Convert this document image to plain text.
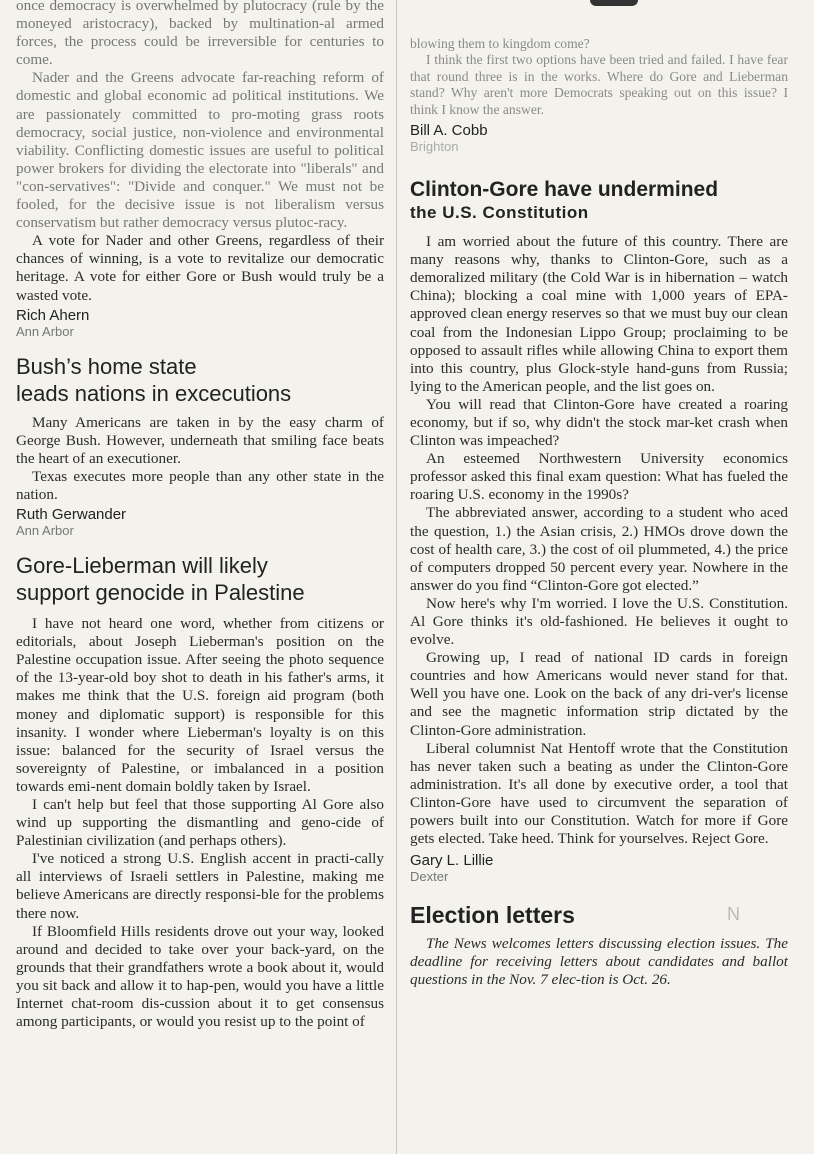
once democracy is overwhelmed by plutocracy (rule by the moneyed aristocracy), backed by multination-al armed forces, the process could be irreversible for centuries to come.

Nader and the Greens advocate far-reaching reform of domestic and global economic ad political institutions. We are passionately committed to pro-moting grass roots democracy, social justice, non-violence and environmental viability. Conflicting domestic issues are useful to political power brokers for dividing the electorate into "liberals" and "con-servatives": "Divide and conquer." We must not be fooled, for the decisive issue is not liberalism versus conservatism but rather democracy versus plutoc-racy.

A vote for Nader and other Greens, regardless of their chances of winning, is a vote to revitalize our democratic heritage. A vote for either Gore or Bush would truly be a wasted vote.

Rich Ahern
Ann Arbor
Bush’s home state
leads nations in excecutions

Many Americans are taken in by the easy charm of George Bush. However, underneath that smiling face beats the heart of an executioner.

Texas executes more people than any other state in the nation.

Ruth Gerwander
Ann Arbor
Gore-Lieberman will likely
support genocide in Palestine

I have not heard one word, whether from citizens or editorials, about Joseph Lieberman's position on the Palestine occupation issue. After seeing the photo sequence of the 13-year-old boy shot to death in his father's arms, it makes me think that the U.S. foreign aid program (both money and diplomatic support) is responsible for this insanity. I wonder where Lieberman's loyalty is on this issue: balanced for the security of Israel versus the sovereignty of Palestine, or imbalanced in a position towards emi-nent domain boldly taken by Israel.

I can't help but feel that those supporting Al Gore also wind up supporting the dismantling and geno-cide of Palestinian civilization (and perhaps others).

I've noticed a strong U.S. English accent in practi-cally all interviews of Israeli settlers in Palestine, making me believe Americans are directly responsi-ble for the problems there now.

If Bloomfield Hills residents drove out your way, looked around and decided to take over your back-yard, on the grounds that their grandfathers wrote a book about it, would you sit back and allow it to hap-pen, would you have a little Internet chat-room dis-cussion about it to get consensus among participants, or would you resist up to the point of

blowing them to kingdom come?

I think the first two options have been tried and failed. I have fear that round three is in the works. Where do Gore and Lieberman stand? Why aren't more Democrats speaking out on this issue? I think I know the answer.

Bill A. Cobb
Brighton
Clinton-Gore have undermined
the U.S. Constitution

I am worried about the future of this country. There are many reasons why, thanks to Clinton-Gore, such as a demoralized military (the Cold War is in hibernation – watch China); blocking a coal mine with 1,000 years of EPA-approved clean energy reserves so that we must buy our clean coal from the Indonesian Lippo Group; proclaiming to be opposed to assault rifles while allowing China to export them into this country, plus Glock-style hand-guns from Russia; lying to the American people, and the list goes on.

You will read that Clinton-Gore have created a roaring economy, but if so, why didn't the stock mar-ket crash when Clinton was impeached?

An esteemed Northwestern University economics professor asked this final exam question: What has fueled the roaring U.S. economy in the 1990s?

The abbreviated answer, according to a student who aced the question, 1.) the Asian crisis, 2.) HMOs drove down the cost of health care, 3.) the cost of oil plummeted, 4.) the price of computers dropped 50 percent every year. Nowhere in the answer do you find “Clinton-Gore got elected.”

Now here's why I'm worried. I love the U.S. Constitution. Al Gore thinks it's old-fashioned. He believes it ought to evolve.

Growing up, I read of national ID cards in foreign countries and how Americans would never stand for that. Well you have one. Look on the back of any dri-ver's license and see the magnetic information strip dictated by the Clinton-Gore administration.

Liberal columnist Nat Hentoff wrote that the Constitution has never taken such a beating as under the Clinton-Gore administration. It's all done by executive order, a tool that Clinton-Gore have used to circumvent the separation of powers built into our Constitution. Watch for more if Gore gets elected. Take heed. Think for yourselves. Reject Gore.

Gary L. Lillie
Dexter
Election letters	N

The News welcomes letters discussing election issues. The deadline for receiving letters about candidates and ballot questions in the Nov. 7 elec-tion is Oct. 26.
